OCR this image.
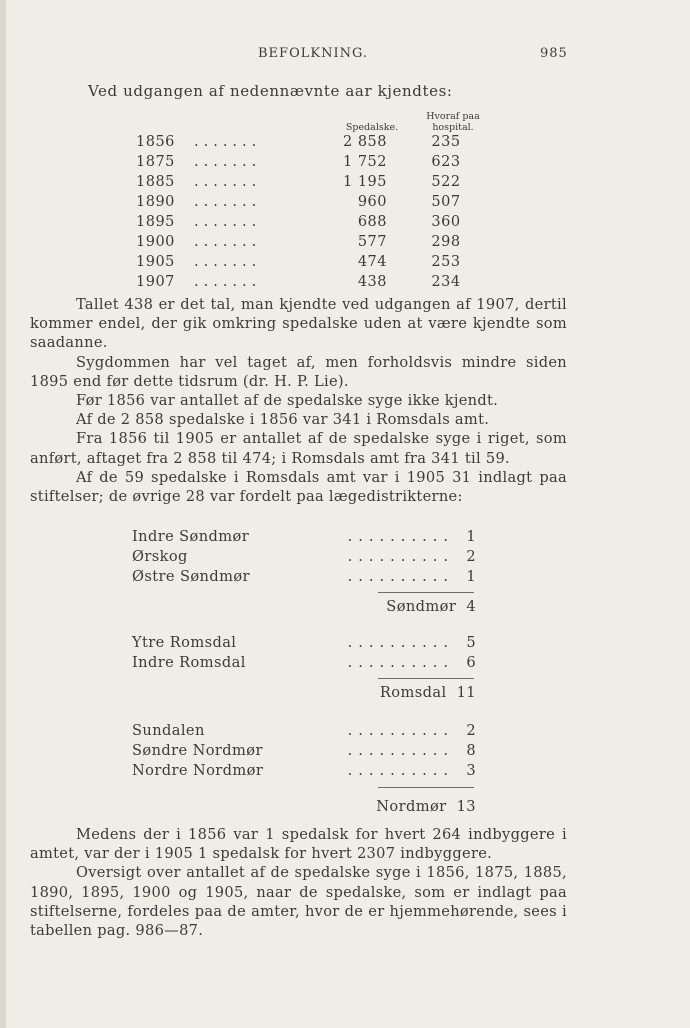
BEFOLKNING.	985
Ved udgangen af nedennævnte aar kjendtes:
Spedalske.
Hvoraf paa
hospital.
1856 .......	2 858	235
1875 .......	1 752	623
1885 .......	1 195	522
1890 .......	960	507
1895 .......	688	360
1900 .......	577	298
1905 .......	474	253
1907 .......	438	234

Tallet 438 er det tal, man kjendte ved udgangen af 1907, dertil kommer endel, der gik omkring spedalske uden at være kjendte som saadanne.

Sygdommen har vel taget af, men forholdsvis mindre siden 1895 end før dette tidsrum (dr. H. P. Lie).

Før 1856 var antallet af de spedalske syge ikke kjendt.

Af de 2 858 spedalske i 1856 var 341 i Romsdals amt.

Fra 1856 til 1905 er antallet af de spedalske syge i riget, som anført, aftaget fra 2 858 til 474; i Romsdals amt fra 341 til 59.

Af de 59 spedalske i Romsdals amt var i 1905 31 indlagt paa stiftelser; de øvrige 28 var fordelt paa lægedistrikterne:

..........
Indre Søndmør	1
..........
Ørskog	2
..........
Østre Søndmør	1
Søndmør 4
..........
Ytre Romsdal	5
..........
Indre Romsdal	6
Romsdal 11
..........
Sundalen	2
..........
Søndre Nordmør	8
..........
Nordre Nordmør	3
Nordmør 13

Medens der i 1856 var 1 spedalsk for hvert 264 indbyggere i amtet, var der i 1905 1 spedalsk for hvert 2307 indbyggere.

Oversigt over antallet af de spedalske syge i 1856, 1875, 1885, 1890, 1895, 1900 og 1905, naar de spedalske, som er indlagt paa stiftelserne, fordeles paa de amter, hvor de er hjemmehørende, sees i tabellen pag. 986—87.
